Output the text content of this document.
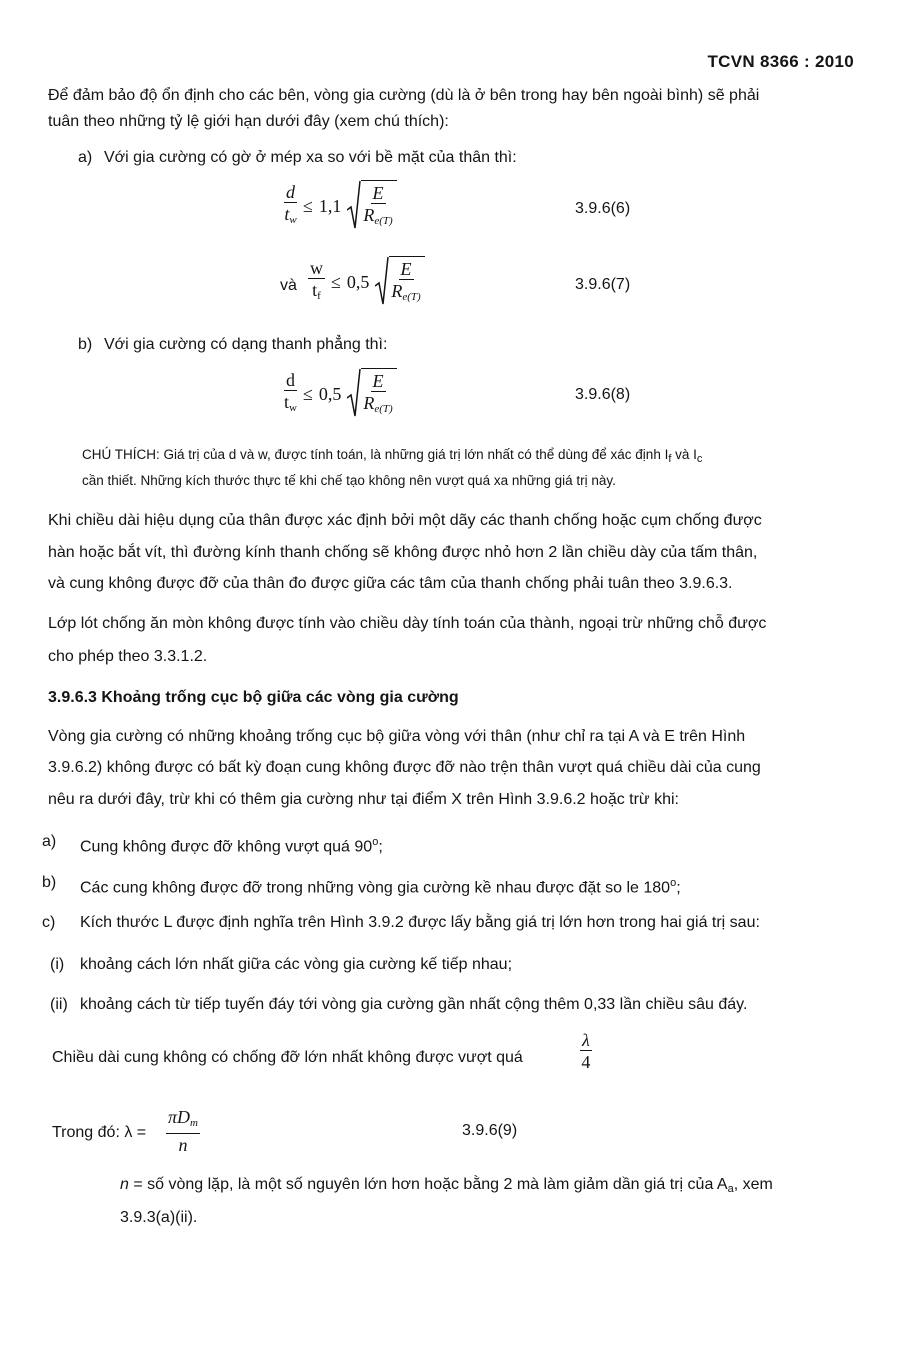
TCVN 8366 : 2010
Để đảm bảo độ ổn định cho các bên, vòng gia cường (dù là ở bên trong hay bên ngoài bình) sẽ phải
tuân theo những tỷ lệ giới hạn dưới đây (xem chú thích):
a) Với gia cường có gờ ở mép xa so với bề mặt của thân thì:
$\frac{d}{t_w} \le 1,1 \frac{E}{R_{e(T)}}$	3.9.6(6)
và $\frac{w}{t_f} \le 0,5 \frac{E}{R_{e(T)}}$	3.9.6(7)
b) Với gia cường có dạng thanh phẳng thì:
$\frac{d}{t_w} \le 0,5 \frac{E}{R_{e(T)}}$	3.9.6(8)
CHÚ THÍCH: Giá trị của d và w, được tính toán, là những giá trị lớn nhất có thể dùng để xác định $I_f$ và $I_c$
cần thiết. Những kích thước thực tế khi chế tạo không nên vượt quá xa những giá trị này.
Khi chiều dài hiệu dụng của thân được xác định bởi một dãy các thanh chống hoặc cụm chống được
hàn hoặc bắt vít, thì đường kính thanh chống sẽ không được nhỏ hơn 2 lần chiều dày của tấm thân,
và cung không được đỡ của thân đo được giữa các tâm của thanh chống phải tuân theo 3.9.6.3.
Lớp lót chống ăn mòn không được tính vào chiều dày tính toán của thành, ngoại trừ những chỗ được
cho phép theo 3.3.1.2.
3.9.6.3 Khoảng trống cục bộ giữa các vòng gia cường
Vòng gia cường có những khoảng trống cục bộ giữa vòng với thân (như chỉ ra tại A và E trên Hình
3.9.6.2) không được có bất kỳ đoạn cung không được đỡ nào trện thân vượt quá chiều dài của cung
nêu ra dưới đây, trừ khi có thêm gia cường như tại điểm X trên Hình 3.9.6.2 hoặc trừ khi:
a) Cung không được đỡ không vượt quá 90$^o$;
b) Các cung không được đỡ trong những vòng gia cường kề nhau được đặt so le 180$^o$;
c) Kích thước L được định nghĩa trên Hình 3.9.2 được lấy bằng giá trị lớn hơn trong hai giá trị sau:
(i) khoảng cách lớn nhất giữa các vòng gia cường kế tiếp nhau;
(ii) khoảng cách từ tiếp tuyến đáy tới vòng gia cường gần nhất cộng thêm 0,33 lần chiều sâu đáy.
Chiều dài cung không có chống đỡ lớn nhất không được vượt quá	$\frac{\lambda}{4}$
Trong đó: $\lambda = \frac{\pi D_m}{n}$	3.9.6(9)
n = số vòng lặp, là một số nguyên lớn hơn hoặc bằng 2 mà làm giảm dần giá trị của $A_a$, xem
3.9.3(a)(ii).
